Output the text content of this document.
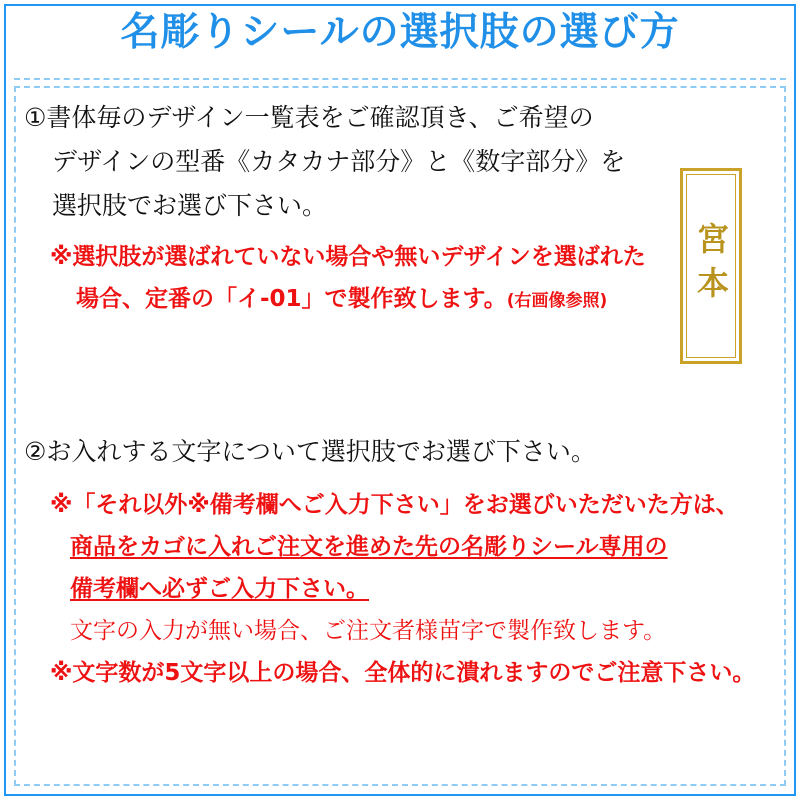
名彫りシールの選択肢の選び方
①書体毎のデザイン一覧表をご確認頂き、ご希望の
デザインの型番《カタカナ部分》と《数字部分》を
選択肢でお選び下さい。
※選択肢が選ばれていない場合や無いデザインを選ばれた
場合、定番の「イ-01」で製作致します。(右画像参照)
②お入れする文字について選択肢でお選び下さい。
※「それ以外※備考欄へご入力下さい」をお選びいただいた方は、
商品をカゴに入れご注文を進めた先の名彫りシール専用の
備考欄へ必ずご入力下さい。
文字の入力が無い場合、ご注文者様苗字で製作致します。
※文字数が5文字以上の場合、全体的に潰れますのでご注意下さい。
宮本
